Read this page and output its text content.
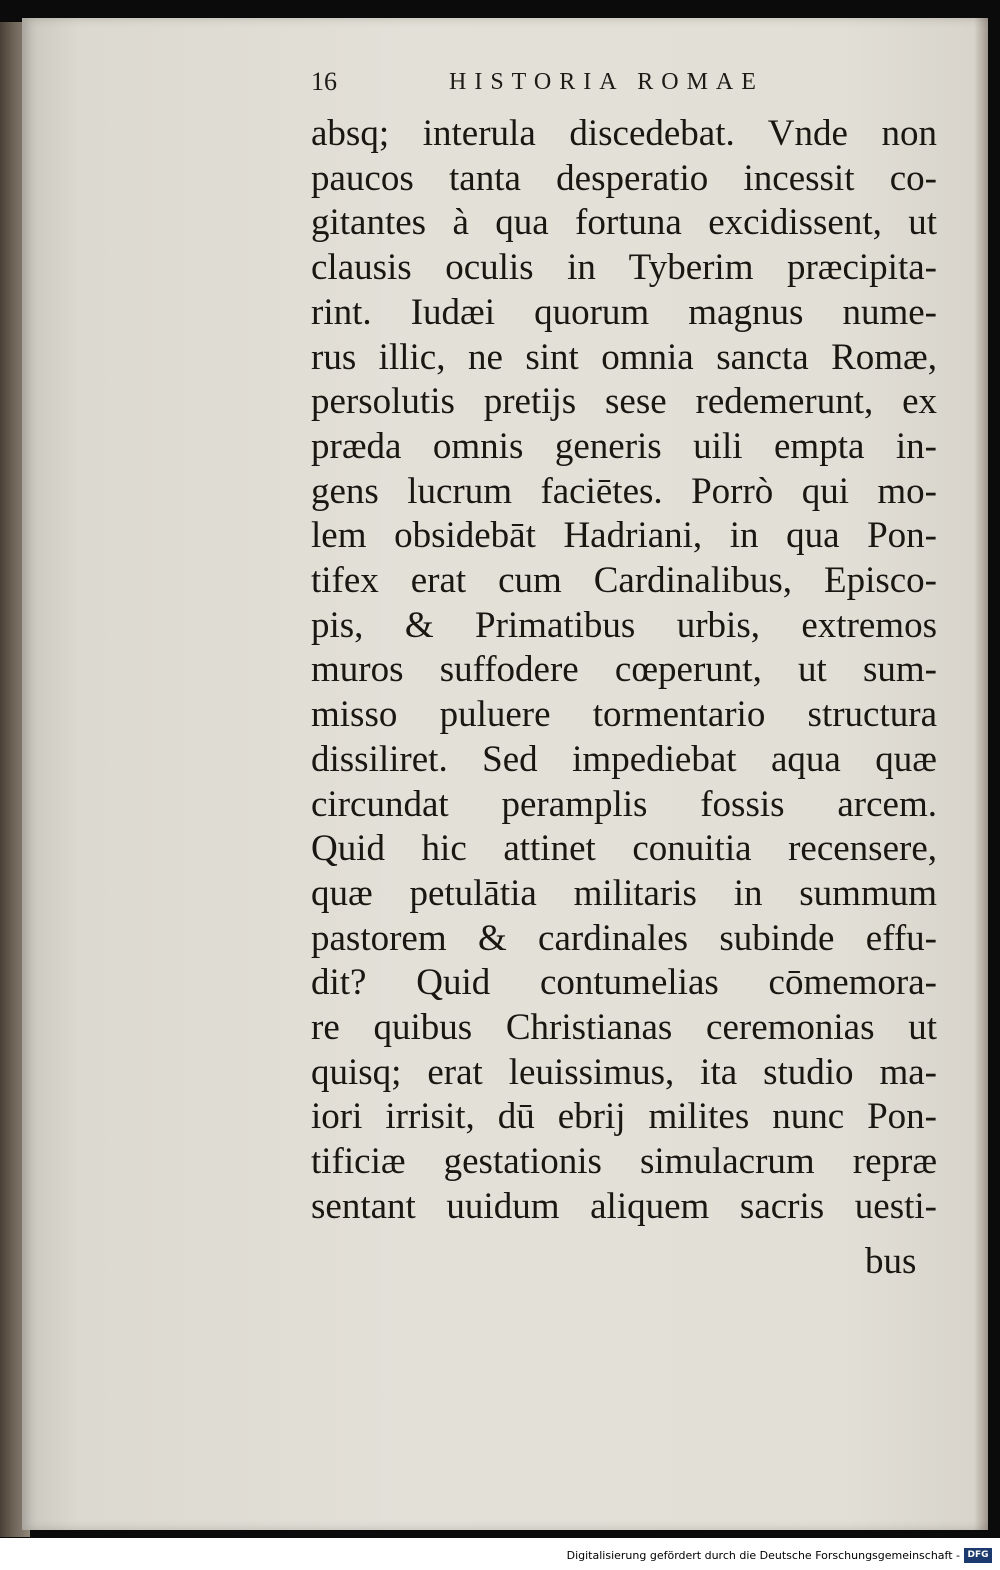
16	HISTORIA ROMAE
absq; interula discedebat. Vnde non
paucos tanta desperatio incessit co-
gitantes à qua fortuna excidissent, ut
clausis oculis in Tyberim præcipita-
rint. Iudæi quorum magnus nume-
rus illic, ne sint omnia sancta Romæ,
persolutis pretijs sese redemerunt, ex
præda omnis generis uili empta in-
gens lucrum faciētes. Porrò qui mo-
lem obsidebāt Hadriani, in qua Pon-
tifex erat cum Cardinalibus, Episco-
pis, & Primatibus urbis, extremos
muros suffodere cœperunt, ut sum-
misso puluere tormentario structura
dissiliret. Sed impediebat aqua quæ
circundat peramplis fossis arcem.
Quid hic attinet conuitia recensere,
quæ petulātia militaris in summum
pastorem & cardinales subinde effu-
dit? Quid contumelias cōmemora-
re quibus Christianas ceremonias ut
quisq; erat leuissimus, ita studio ma-
iori irrisit, dū ebrij milites nunc Pon-
tificiæ gestationis simulacrum repræ
sentant uuidum aliquem sacris uesti-
bus
Digitalisierung gefördert durch die Deutsche Forschungsgemeinschaft - DFG
